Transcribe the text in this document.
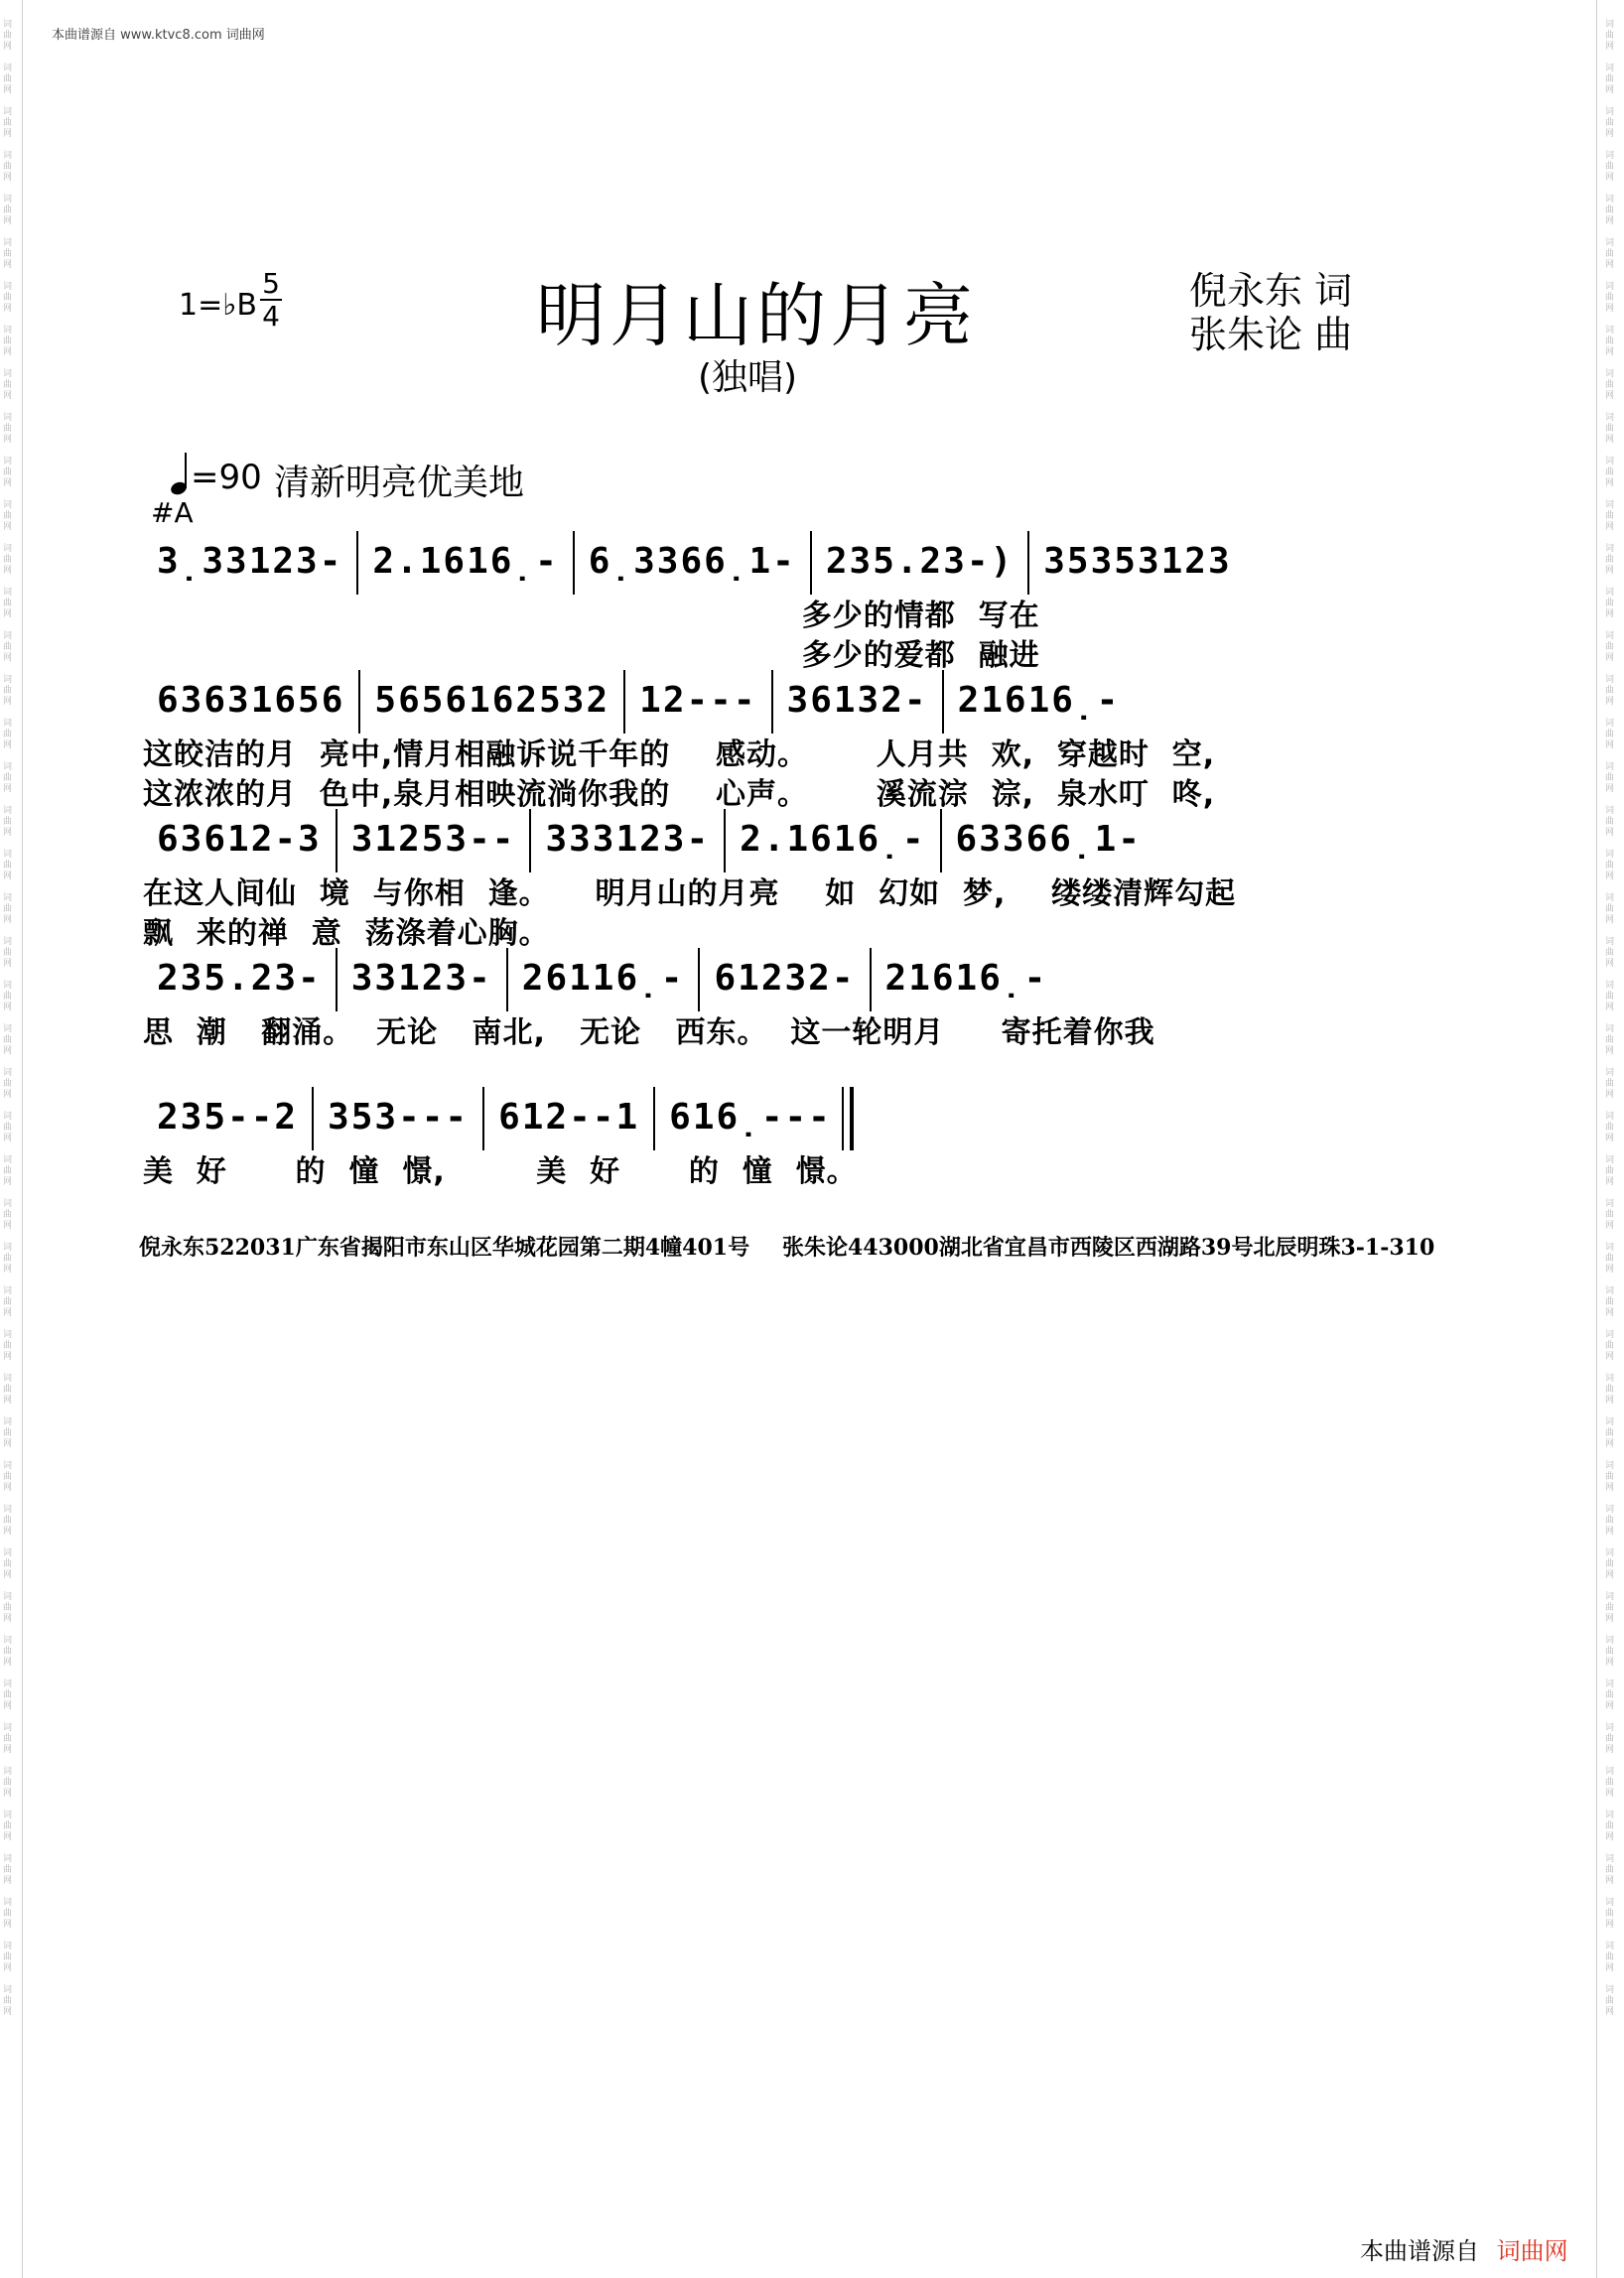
词
曲
网

词
曲
网

词
曲
网

词
曲
网

词
曲
网

词
曲
网

词
曲
网

词
曲
网

词
曲
网

词
曲
网

词
曲
网

词
曲
网

词
曲
网

词
曲
网

词
曲
网

词
曲
网

词
曲
网

词
曲
网

词
曲
网

词
曲
网

词
曲
网

词
曲
网

词
曲
网

词
曲
网

词
曲
网

词
曲
网

词
曲
网

词
曲
网

词
曲
网

词
曲
网

词
曲
网

词
曲
网

词
曲
网

词
曲
网

词
曲
网

词
曲
网

词
曲
网

词
曲
网

词
曲
网

词
曲
网

词
曲
网

词
曲
网

词
曲
网

词
曲
网

词
曲
网

词
曲
网

词
曲
网

词
曲
网

词
曲
网

词
曲
网

词
曲
网

词
曲
网

词
曲
网

词
曲
网

词
曲
网

词
曲
网

词
曲
网

词
曲
网

词
曲
网

词
曲
网

词
曲
网

词
曲
网

词
曲
网

词
曲
网

词
曲
网

词
曲
网

词
曲
网

词
曲
网

词
曲
网

词
曲
网

词
曲
网

词
曲
网

词
曲
网

词
曲
网

词
曲
网

词
曲
网

词
曲
网

词
曲
网

词
曲
网

词
曲
网

词
曲
网

词
曲
网

词
曲
网

词
曲
网

词
曲
网

词
曲
网

词
曲
网

词
曲
网

词
曲
网

词
曲
网

词
曲
网

词
曲
网

本曲谱源自 www.ktvc8.com 词曲网
1=♭B
5
4	明月山的月亮
(独唱)
倪永东 词
张朱论 曲
=90 清新明亮优美地
#A
3̣33123- 2.1616̣- 6̣3366̣1- 235.23-) 35353123
多少的情都  写在
多少的爱都  融进
63631656 5656162532 12--- 36132- 21616̣-
这皎洁的月  亮中,情月相融诉说千年的    感动。      人月共  欢,  穿越时  空,
这浓浓的月  色中,泉月相映流淌你我的    心声。      溪流淙  淙,  泉水叮  咚,
63612-3 31253-- 333123- 2.1616̣- 63366̣1-
在这人间仙  境  与你相  逢。    明月山的月亮    如  幻如  梦,    缕缕清辉勾起
飘  来的禅  意  荡涤着心胸。
235.23- 33123- 26116̣- 61232- 21616̣-
思  潮   翻涌。  无论   南北,   无论   西东。  这一轮明月     寄托着你我
235--2 353--- 612--1 616̣---
美  好      的  憧  憬,        美  好      的  憧  憬。
倪永东522031广东省揭阳市东山区华城花园第二期4幢401号 张朱论443000湖北省宜昌市西陵区西湖路39号北辰明珠3-1-310
本曲谱源自 词曲网
